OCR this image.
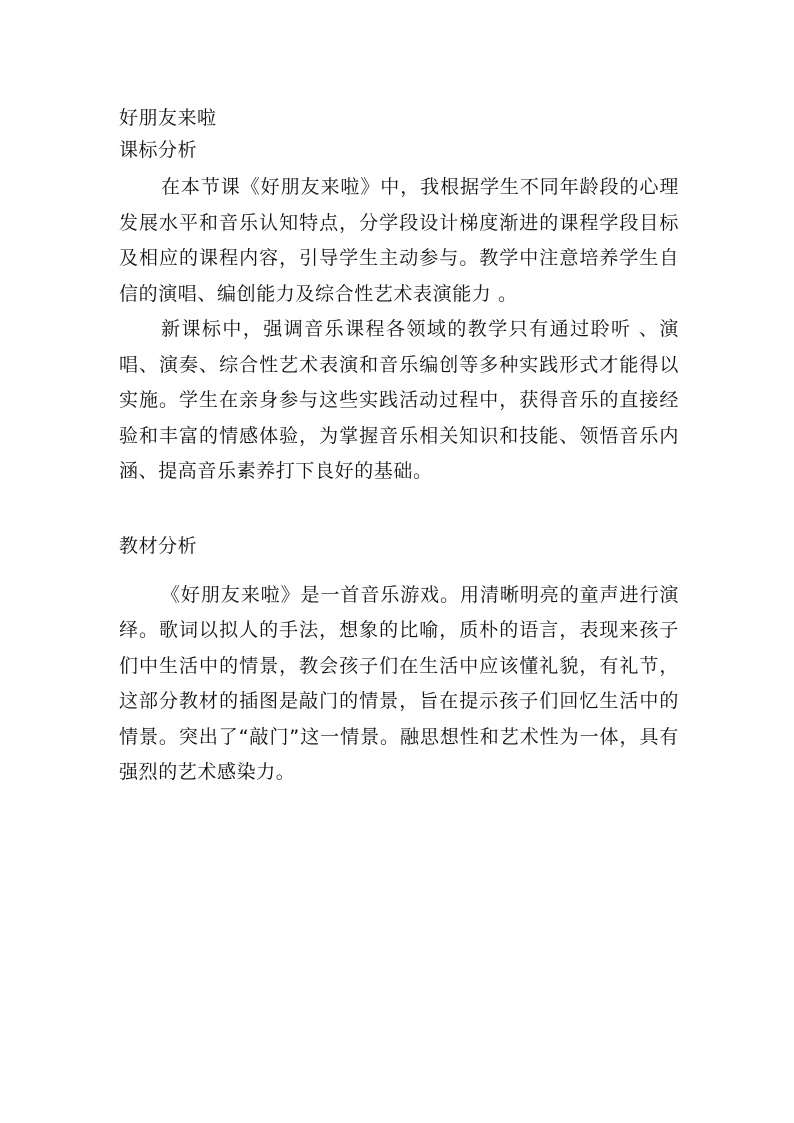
好朋友来啦
课标分析

在本节课《好朋友来啦》中，我根据学生不同年龄段的心理发展水平和音乐认知特点，分学段设计梯度渐进的课程学段目标及相应的课程内容，引导学生主动参与。教学中注意培养学生自信的演唱、编创能力及综合性艺术表演能力 。

新课标中，强调音乐课程各领域的教学只有通过聆听 、演唱、演奏、综合性艺术表演和音乐编创等多种实践形式才能得以实施。学生在亲身参与这些实践活动过程中，获得音乐的直接经验和丰富的情感体验，为掌握音乐相关知识和技能、领悟音乐内涵、提高音乐素养打下良好的基础。

教材分析

《好朋友来啦》是一首音乐游戏。用清晰明亮的童声进行演绎。歌词以拟人的手法，想象的比喻，质朴的语言，表现来孩子们中生活中的情景，教会孩子们在生活中应该懂礼貌，有礼节，这部分教材的插图是敲门的情景，旨在提示孩子们回忆生活中的情景。突出了“敲门”这一情景。融思想性和艺术性为一体，具有强烈的艺术感染力。
